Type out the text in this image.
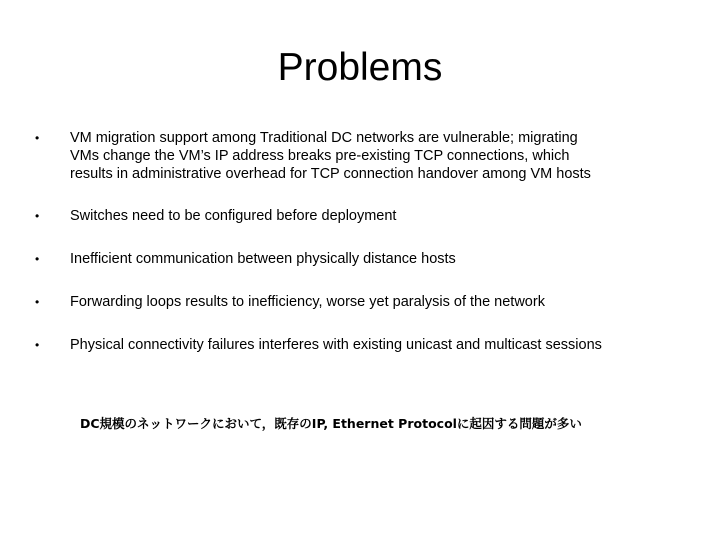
Problems
• VM migration support among Traditional DC networks are vulnerable; migrating
VMs change the VM’s IP address breaks pre-existing TCP connections, which
results in administrative overhead for TCP connection handover among VM hosts
• Switches need to be configured before deployment
• Inefficient communication between physically distance hosts
• Forwarding loops results to inefficiency, worse yet paralysis of the network
• Physical connectivity failures interferes with existing unicast and multicast sessions
DC規模のネットワークにおいて，既存のIP, Ethernet Protocolに起因する問題が多い
